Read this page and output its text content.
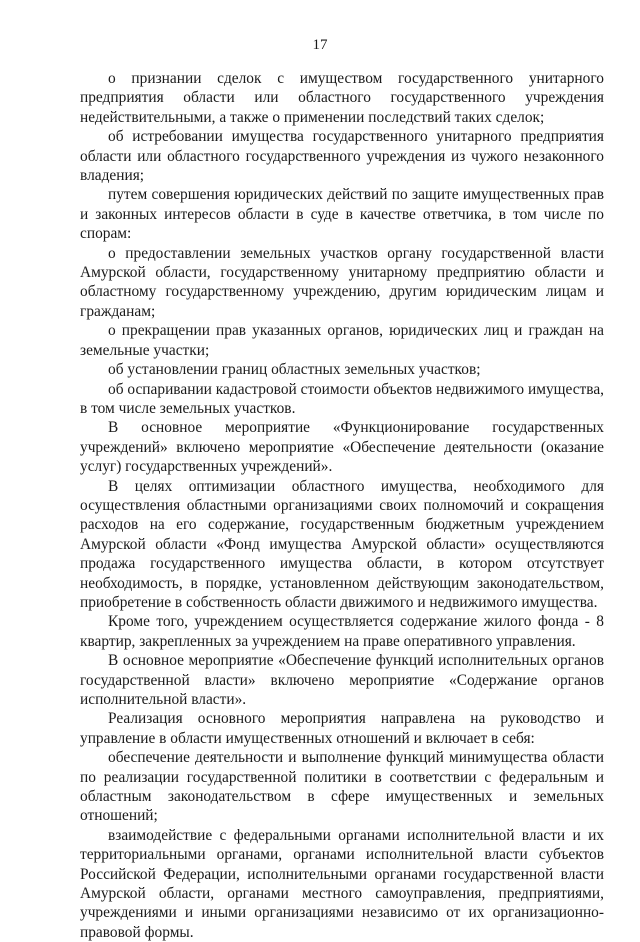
17

о признании сделок с имуществом государственного унитарного предприятия области или областного государственного учреждения недействительными, а также о применении последствий таких сделок;

об истребовании имущества государственного унитарного предприятия области или областного государственного учреждения из чужого незаконного владения;

путем совершения юридических действий по защите имущественных прав и законных интересов области в суде в качестве ответчика, в том числе по спорам:

о предоставлении земельных участков органу государственной власти Амурской области, государственному унитарному предприятию области и областному государственному учреждению, другим юридическим лицам и гражданам;

о прекращении прав указанных органов, юридических лиц и граждан на земельные участки;

об установлении границ областных земельных участков;

об оспаривании кадастровой стоимости объектов недвижимого имущества, в том числе земельных участков.

В основное мероприятие «Функционирование государственных учреждений» включено мероприятие «Обеспечение деятельности (оказание услуг) государственных учреждений».

В целях оптимизации областного имущества, необходимого для осуществления областными организациями своих полномочий и сокращения расходов на его содержание, государственным бюджетным учреждением Амурской области «Фонд имущества Амурской области» осуществляются продажа государственного имущества области, в котором отсутствует необходимость, в порядке, установленном действующим законодательством, приобретение в собственность области движимого и недвижимого имущества.

Кроме того, учреждением осуществляется содержание жилого фонда - 8 квартир, закрепленных за учреждением на праве оперативного управления.

В основное мероприятие «Обеспечение функций исполнительных органов государственной власти» включено мероприятие «Содержание органов исполнительной власти».

Реализация основного мероприятия направлена на руководство и управление в области имущественных отношений и включает в себя:

обеспечение деятельности и выполнение функций минимущества области по реализации государственной политики в соответствии с федеральным и областным законодательством в сфере имущественных и земельных отношений;

взаимодействие с федеральными органами исполнительной власти и их территориальными органами, органами исполнительной власти субъектов Российской Федерации, исполнительными органами государственной власти Амурской области, органами местного самоуправления, предприятиями, учреждениями и иными организациями независимо от их организационно-правовой формы.
